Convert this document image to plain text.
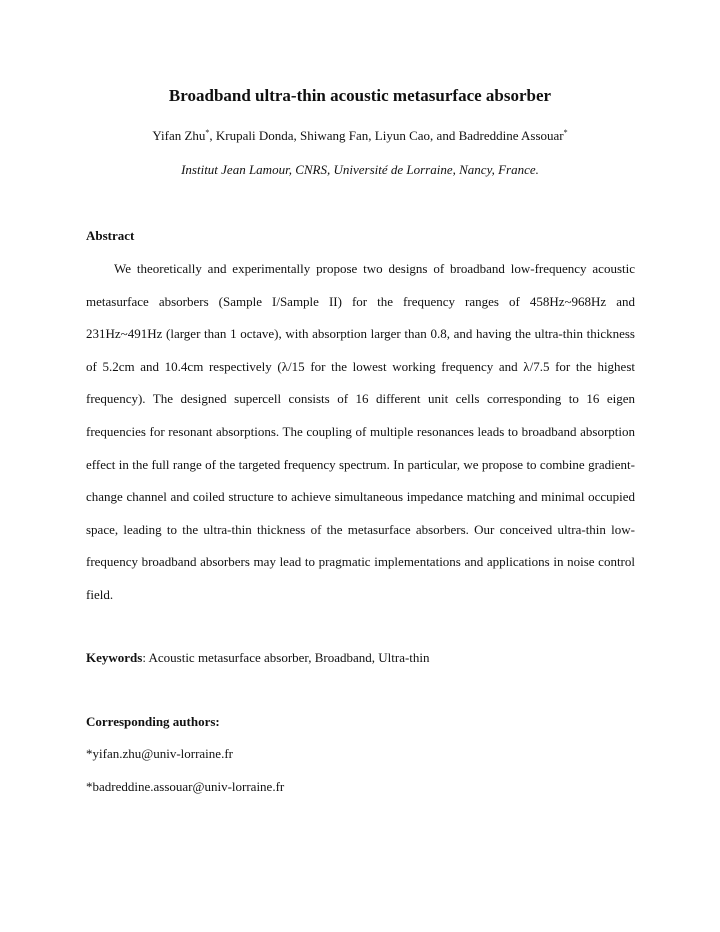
Broadband ultra-thin acoustic metasurface absorber
Yifan Zhu*, Krupali Donda, Shiwang Fan, Liyun Cao, and Badreddine Assouar*
Institut Jean Lamour, CNRS, Université de Lorraine, Nancy, France.
Abstract

We theoretically and experimentally propose two designs of broadband low-frequency acoustic metasurface absorbers (Sample I/Sample II) for the frequency ranges of 458Hz~968Hz and 231Hz~491Hz (larger than 1 octave), with absorption larger than 0.8, and having the ultra-thin thickness of 5.2cm and 10.4cm respectively (λ/15 for the lowest working frequency and λ/7.5 for the highest frequency). The designed supercell consists of 16 different unit cells corresponding to 16 eigen frequencies for resonant absorptions. The coupling of multiple resonances leads to broadband absorption effect in the full range of the targeted frequency spectrum. In particular, we propose to combine gradient-change channel and coiled structure to achieve simultaneous impedance matching and minimal occupied space, leading to the ultra-thin thickness of the metasurface absorbers. Our conceived ultra-thin low-frequency broadband absorbers may lead to pragmatic implementations and applications in noise control field.

Keywords: Acoustic metasurface absorber, Broadband, Ultra-thin
Corresponding authors:
*yifan.zhu@univ-lorraine.fr
*badreddine.assouar@univ-lorraine.fr
